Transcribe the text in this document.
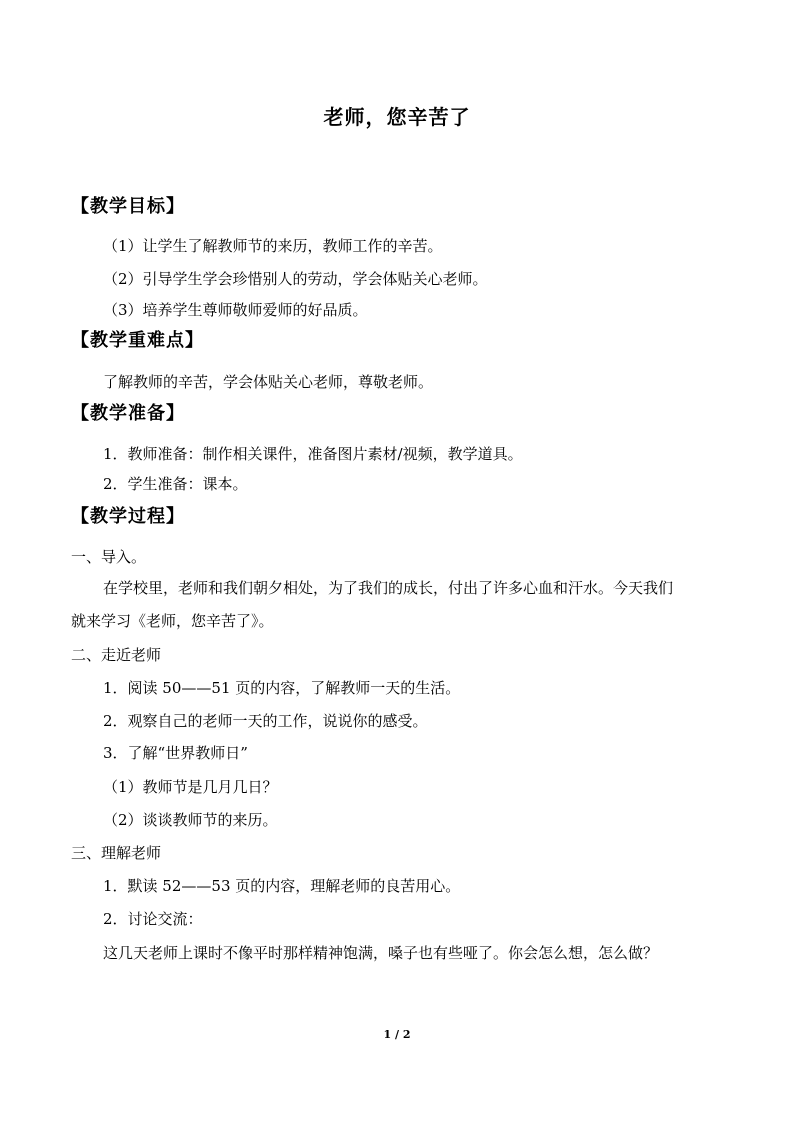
老师，您辛苦了
【教学目标】
（1）让学生了解教师节的来历，教师工作的辛苦。
（2）引导学生学会珍惜别人的劳动，学会体贴关心老师。
（3）培养学生尊师敬师爱师的好品质。
【教学重难点】
了解教师的辛苦，学会体贴关心老师，尊敬老师。
【教学准备】
1．教师准备：制作相关课件，准备图片素材/视频，教学道具。
2．学生准备：课本。
【教学过程】
一、导入。
在学校里，老师和我们朝夕相处，为了我们的成长，付出了许多心血和汗水。今天我们
就来学习《老师，您辛苦了》。
二、走近老师
1．阅读 50——51 页的内容，了解教师一天的生活。
2．观察自己的老师一天的工作，说说你的感受。
3．了解“世界教师日”
（1）教师节是几月几日？
（2）谈谈教师节的来历。
三、理解老师
1．默读 52——53 页的内容，理解老师的良苦用心。
2．讨论交流：
这几天老师上课时不像平时那样精神饱满，嗓子也有些哑了。你会怎么想，怎么做？
1 / 2
